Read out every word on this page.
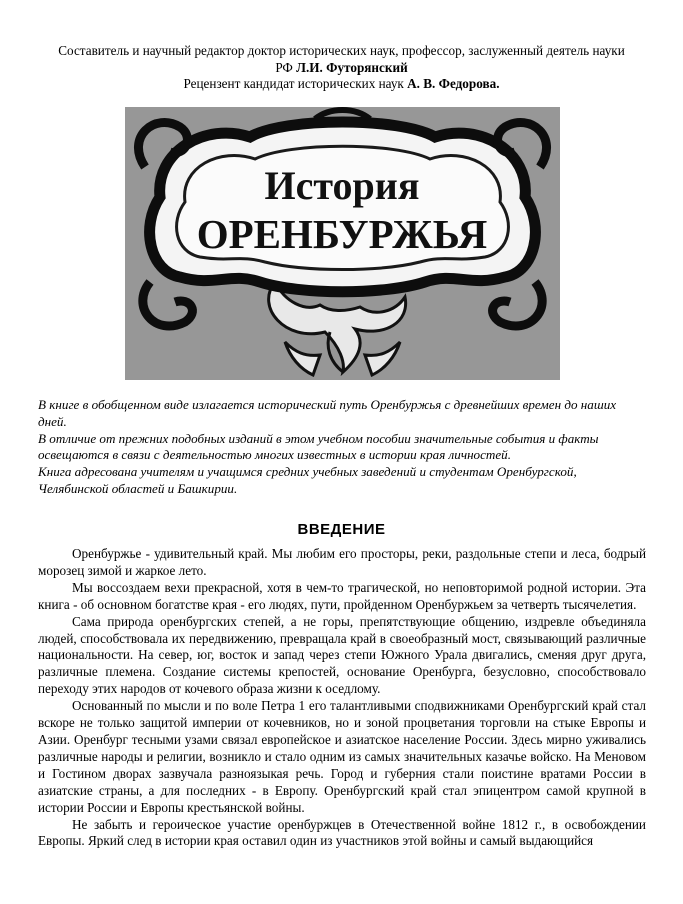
Составитель и научный редактор доктор исторических наук, профессор, заслуженный деятель науки
РФ Л.И. Футорянский
Рецензент кандидат исторических наук А. В. Федорова.
История
ОРЕНБУРЖЬЯ

В книге в обобщенном виде излагается исторический путь Оренбуржья с древнейших времен до наших дней.

В отличие от прежних подобных изданий в этом учебном пособии значительные события и факты освещаются в связи с деятельностью многих известных в истории края личностей.

Книга адресована учителям и учащимся средних учебных заведений и студентам Оренбургской, Челябинской областей и Башкирии.

ВВЕДЕНИЕ

Оренбуржье - удивительный край. Мы любим его просторы, реки, раздольные степи и леса, бодрый морозец зимой и жаркое лето.

Мы воссоздаем вехи прекрасной, хотя в чем-то трагической, но неповторимой родной истории. Эта книга - об основном богатстве края - его людях, пути, пройденном Оренбуржьем за четверть тысячелетия.

Сама природа оренбургских степей, а не горы, препятствующие общению, издревле объединяла людей, способствовала их передвижению, превращала край в своеобразный мост, связывающий различные национальности. На север, юг, восток и запад через степи Южного Урала двигались, сменяя друг друга, различные племена. Создание системы крепостей, основание Оренбурга, безусловно, способствовало переходу этих народов от кочевого образа жизни к оседлому.

Основанный по мысли и по воле Петра 1 его талантливыми сподвижниками Оренбургский край стал вскоре не только защитой империи от кочевников, но и зоной процветания торговли на стыке Европы и Азии. Оренбург тесными узами связал европейское и азиатское население России. Здесь мирно уживались различные народы и религии, возникло и стало одним из самых значительных казачье войско. На Меновом и Гостином дворах зазвучала разноязыкая речь. Город и губерния стали поистине вратами России в азиатские страны, а для последних - в Европу. Оренбургский край стал эпицентром самой крупной в истории России и Европы крестьянской войны.

Не забыть и героическое участие оренбуржцев в Отечественной войне 1812 г., в освобождении Европы. Яркий след в истории края оставил один из участников этой войны и самый выдающийся
